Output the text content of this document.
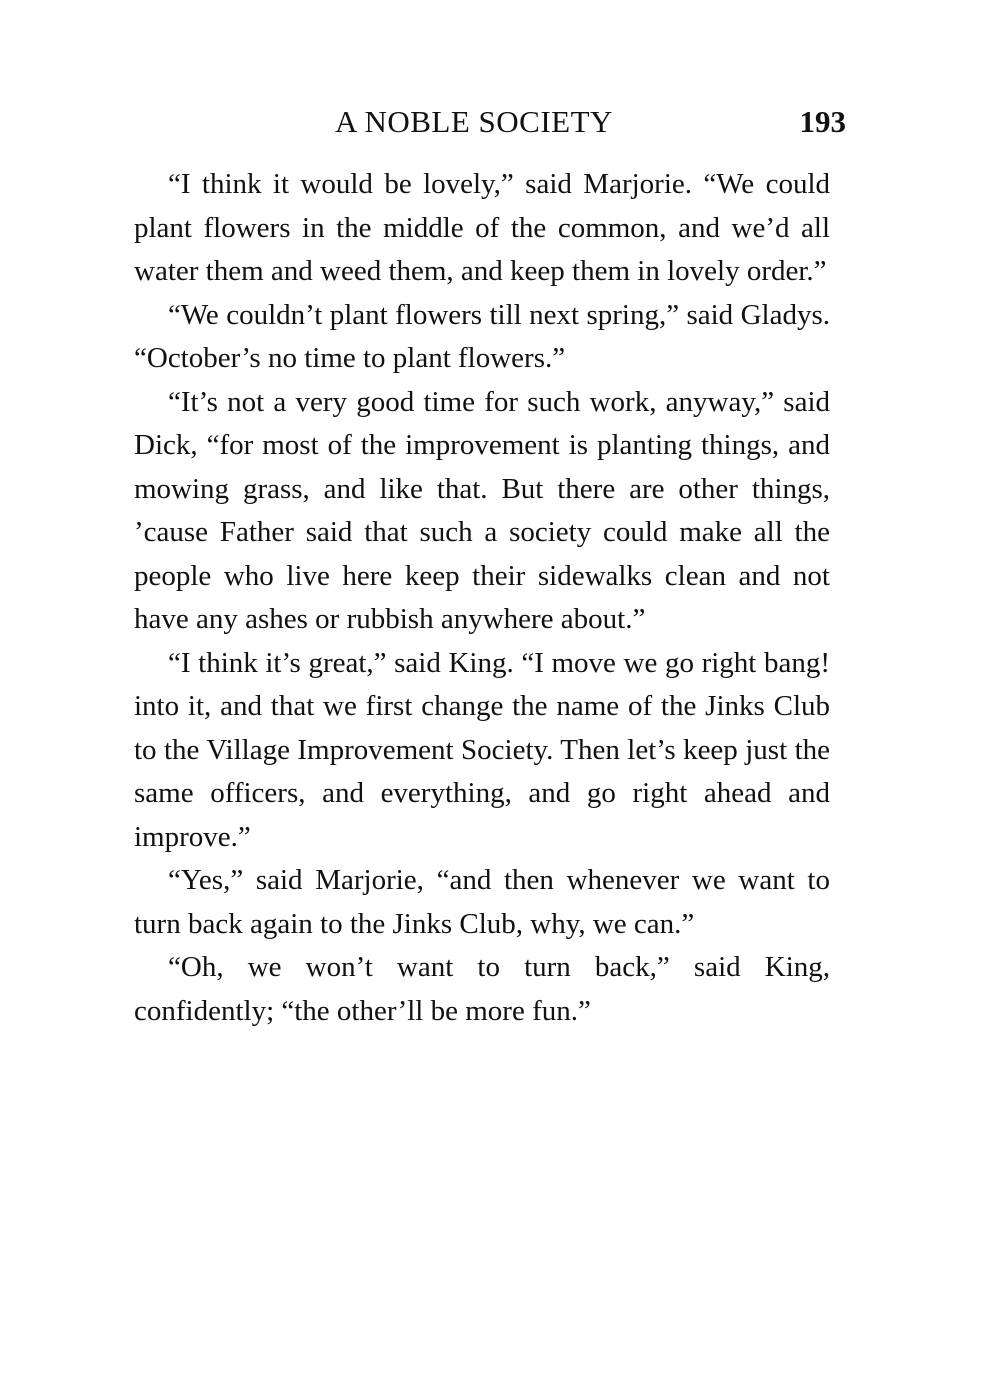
A NOBLE SOCIETY	193

“I think it would be lovely,” said Marjorie. “We could plant flowers in the middle of the common, and we’d all water them and weed them, and keep them in lovely order.”

“We couldn’t plant flowers till next spring,” said Gladys. “October’s no time to plant flowers.”

“It’s not a very good time for such work, anyway,” said Dick, “for most of the improvement is planting things, and mowing grass, and like that. But there are other things, ’cause Father said that such a society could make all the people who live here keep their sidewalks clean and not have any ashes or rubbish anywhere about.”

“I think it’s great,” said King. “I move we go right bang! into it, and that we first change the name of the Jinks Club to the Village Improvement Society. Then let’s keep just the same officers, and everything, and go right ahead and improve.”

“Yes,” said Marjorie, “and then whenever we want to turn back again to the Jinks Club, why, we can.”

“Oh, we won’t want to turn back,” said King, confidently; “the other’ll be more fun.”
